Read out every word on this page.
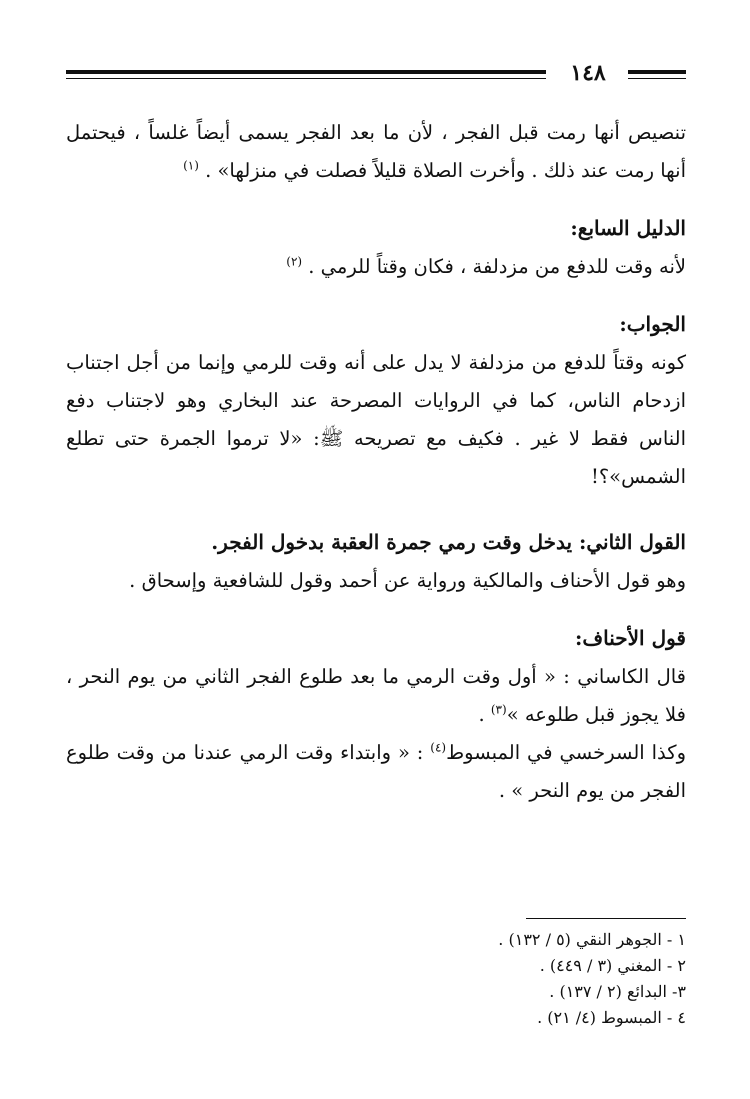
١٤٨

تنصيص أنها رمت قبل الفجر ، لأن ما بعد الفجر يسمى أيضاً غلساً ، فيحتمل

أنها رمت عند ذلك . وأخرت الصلاة قليلاً فصلت في منزلها» . $^{(١)}$

الدليل السابع:

لأنه وقت للدفع من مزدلفة ، فكان وقتاً للرمي . $^{(٢)}$

الجواب:

كونه وقتاً للدفع من مزدلفة لا يدل على أنه وقت للرمي وإنما من أجل اجتناب

ازدحام الناس، كما في الروايات المصرحة عند البخاري وهو لاجتناب دفع

الناس فقط لا غير . فكيف مع تصريحه ﷺ: «لا ترموا الجمرة حتى تطلع

الشمس»؟!

القول الثاني: يدخل وقت رمي جمرة العقبة بدخول الفجر.

وهو قول الأحناف والمالكية ورواية عن أحمد وقول للشافعية وإسحاق .

قول الأحناف:

قال الكاساني : « أول وقت الرمي ما بعد طلوع الفجر الثاني من يوم النحر ،

فلا يجوز قبل طلوعه »$^{(٣)}$ .

وكذا السرخسي في المبسوط$^{(٤)}$ : « وابتداء وقت الرمي عندنا من وقت طلوع

الفجر من يوم النحر » .

١ - الجوهر النقي (٥ / ١٣٢) .

٢ - المغني (٣ / ٤٤٩) .

٣- البدائع (٢ / ١٣٧) .

٤ - المبسوط (٤/ ٢١) .
